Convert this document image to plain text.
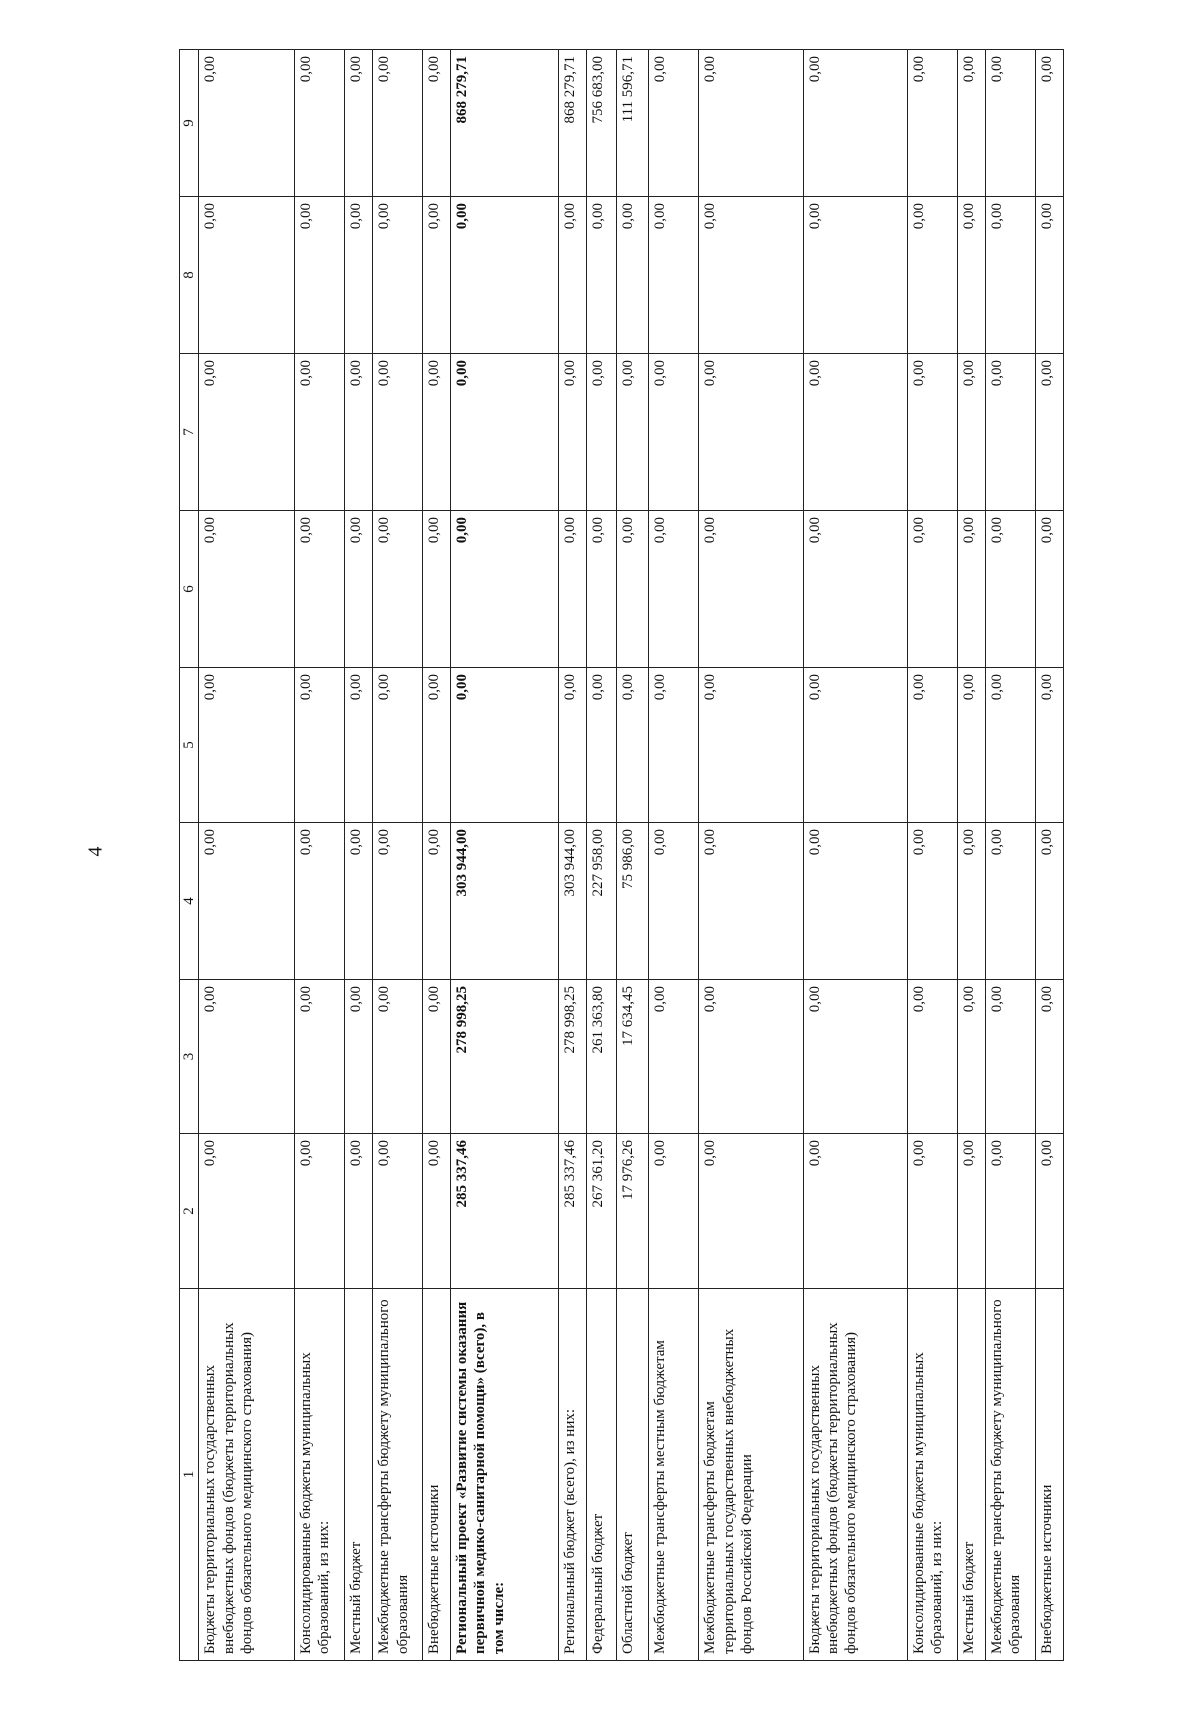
4
1	2	3	4	5	6	7	8	9
Бюджеты территориальных государственных внебюджетных фондов (бюджеты территориальных фондов обязательного медицинского страхования)	0,00	0,00	0,00	0,00	0,00	0,00	0,00	0,00
Консолидированные бюджеты муниципальных образований, из них:	0,00	0,00	0,00	0,00	0,00	0,00	0,00	0,00
Местный бюджет	0,00	0,00	0,00	0,00	0,00	0,00	0,00	0,00
Межбюджетные трансферты бюджету муниципального образования	0,00	0,00	0,00	0,00	0,00	0,00	0,00	0,00
Внебюджетные источники	0,00	0,00	0,00	0,00	0,00	0,00	0,00	0,00
Региональный проект «Развитие системы оказания первичной медико-санитарной помощи» (всего), в том числе:	285 337,46	278 998,25	303 944,00	0,00	0,00	0,00	0,00	868 279,71
Региональный бюджет (всего), из них:	285 337,46	278 998,25	303 944,00	0,00	0,00	0,00	0,00	868 279,71
Федеральный бюджет	267 361,20	261 363,80	227 958,00	0,00	0,00	0,00	0,00	756 683,00
Областной бюджет	17 976,26	17 634,45	75 986,00	0,00	0,00	0,00	0,00	111 596,71
Межбюджетные трансферты местным бюджетам	0,00	0,00	0,00	0,00	0,00	0,00	0,00	0,00
Межбюджетные трансферты бюджетам территориальных государственных внебюджетных фондов Российской Федерации	0,00	0,00	0,00	0,00	0,00	0,00	0,00	0,00
Бюджеты территориальных государственных внебюджетных фондов (бюджеты территориальных фондов обязательного медицинского страхования)	0,00	0,00	0,00	0,00	0,00	0,00	0,00	0,00
Консолидированные бюджеты муниципальных образований, из них:	0,00	0,00	0,00	0,00	0,00	0,00	0,00	0,00
Местный бюджет	0,00	0,00	0,00	0,00	0,00	0,00	0,00	0,00
Межбюджетные трансферты бюджету муниципального образования	0,00	0,00	0,00	0,00	0,00	0,00	0,00	0,00
Внебюджетные источники	0,00	0,00	0,00	0,00	0,00	0,00	0,00	0,00
